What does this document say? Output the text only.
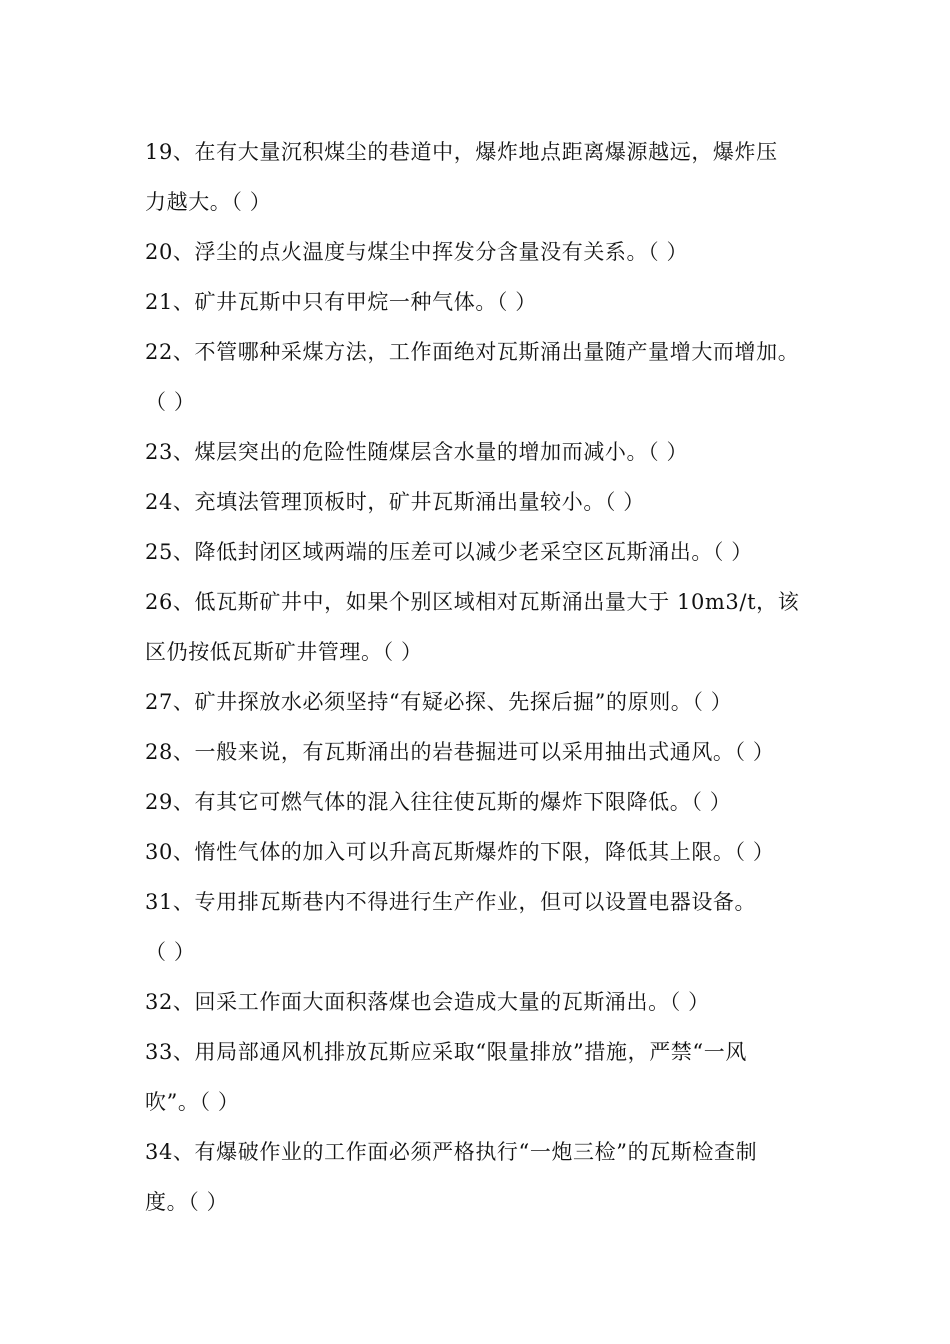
19、在有大量沉积煤尘的巷道中，爆炸地点距离爆源越远，爆炸压
力越大。（ ）
20、浮尘的点火温度与煤尘中挥发分含量没有关系。（ ）
21、矿井瓦斯中只有甲烷一种气体。（ ）
22、不管哪种采煤方法，工作面绝对瓦斯涌出量随产量增大而增加。
（ ）
23、煤层突出的危险性随煤层含水量的增加而减小。（ ）
24、充填法管理顶板时，矿井瓦斯涌出量较小。（ ）
25、降低封闭区域两端的压差可以减少老采空区瓦斯涌出。（ ）
26、低瓦斯矿井中，如果个别区域相对瓦斯涌出量大于 10m3/t，该
区仍按低瓦斯矿井管理。（ ）
27、矿井探放水必须坚持“有疑必探、先探后掘”的原则。（ ）
28、一般来说，有瓦斯涌出的岩巷掘进可以采用抽出式通风。（ ）
29、有其它可燃气体的混入往往使瓦斯的爆炸下限降低。（ ）
30、惰性气体的加入可以升高瓦斯爆炸的下限，降低其上限。（ ）
31、专用排瓦斯巷内不得进行生产作业，但可以设置电器设备。
（ ）
32、回采工作面大面积落煤也会造成大量的瓦斯涌出。（ ）
33、用局部通风机排放瓦斯应采取“限量排放”措施，严禁“一风
吹”。（ ）
34、有爆破作业的工作面必须严格执行“一炮三检”的瓦斯检查制
度。（ ）
